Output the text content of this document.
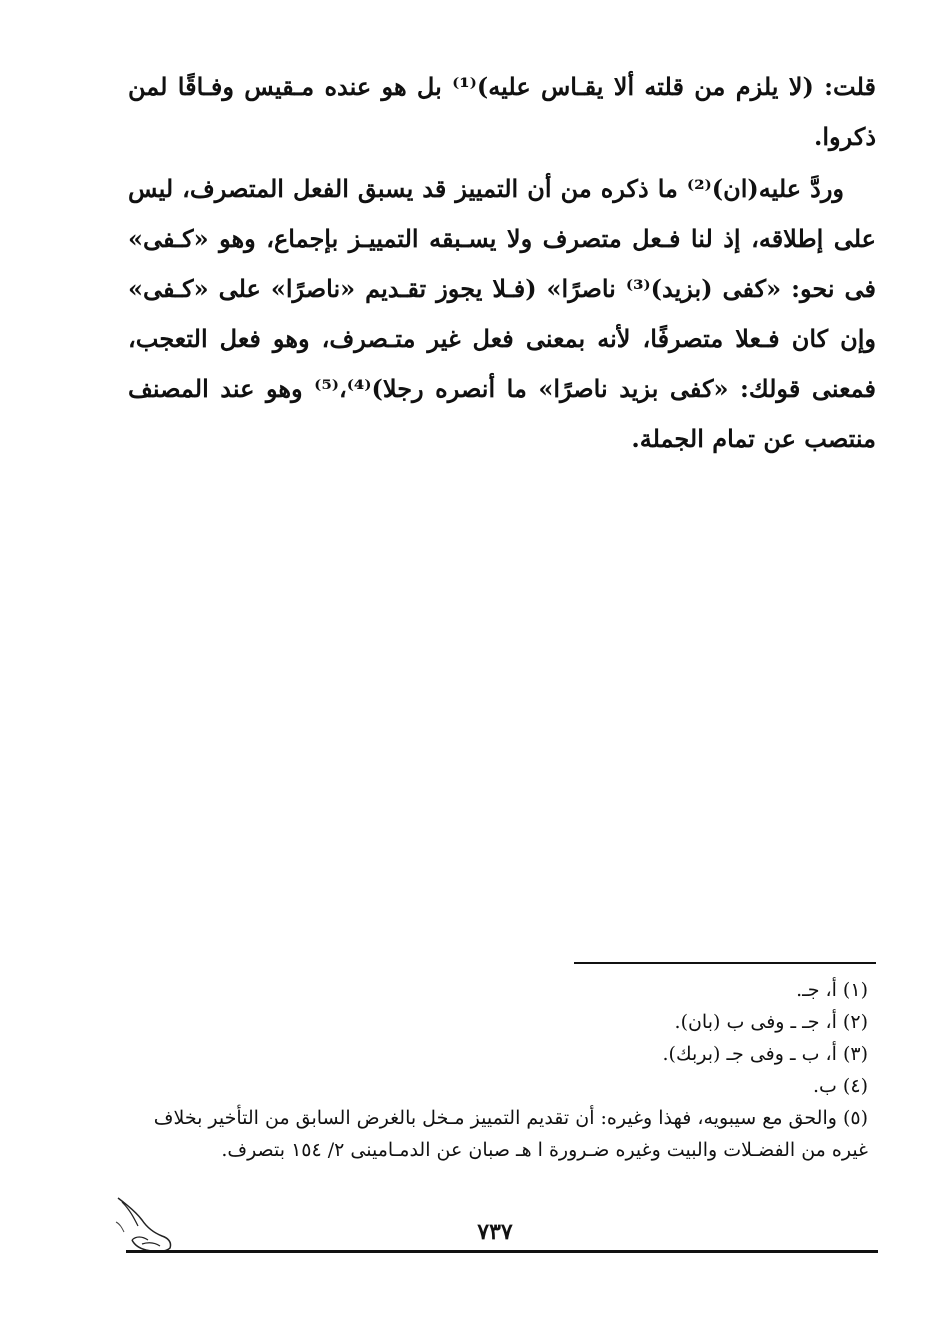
قلت: (لا يلزم من قلته ألا يقـاس عليه)⁽¹⁾ بل هو عنده مـقيس وفـاقًا لمن ذكروا.

وردَّ عليه(ان)⁽²⁾ ما ذكره من أن التمييز قد يسبق الفعل المتصرف، ليس على إطلاقه، إذ لنا فـعل متصرف ولا يسـبقه التمييـز بإجماع، وهو «كـفى» فى نحو: «كفى (بزيد)⁽³⁾ ناصرًا» (فـلا يجوز تقـديم «ناصرًا» على «كـفى» وإن كان فـعلا متصرفًا، لأنه بمعنى فعل غير متـصرف، وهو فعل التعجب، فمعنى قولك: «كفى بزيد ناصرًا» ما أنصره رجلا)⁽⁴⁾،⁽⁵⁾ وهو عند المصنف منتصب عن تمام الجملة.

(١) أ، جـ.
(٢) أ، جـ ـ وفى ب (بان).
(٣) أ، ب ـ وفى جـ (بربك).
(٤) ب.
(٥) والحق مع سيبويه، فهذا وغيره: أن تقديم التمييز مـخل بالغرض السابق من التأخير بخلاف غيره من الفضـلات والبيت وغيره ضـرورة ا هـ صبان عن الدمـامينى ٢/ ١٥٤ بتصرف.
٧٣٧
